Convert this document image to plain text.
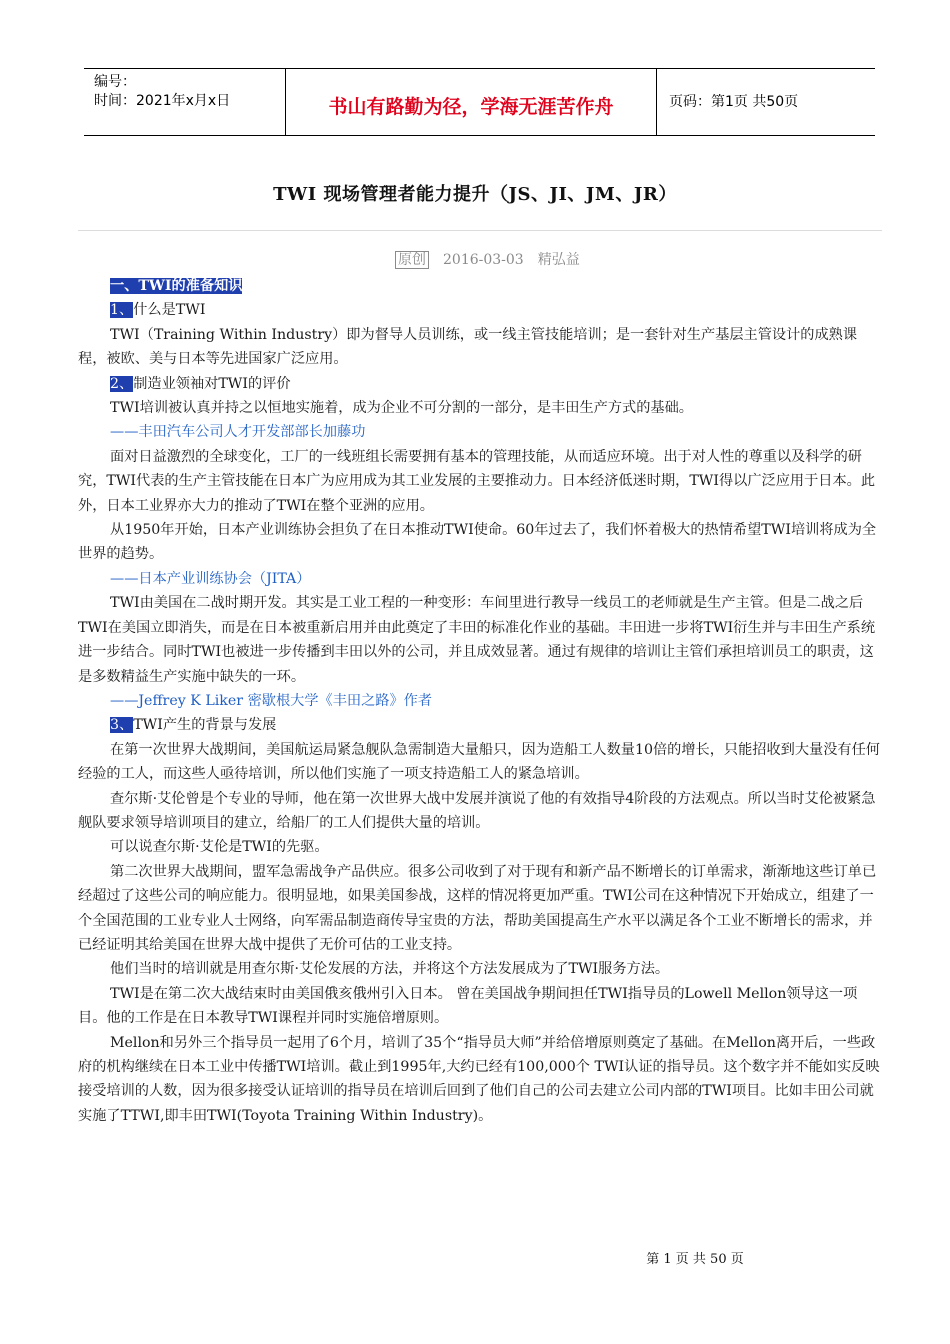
编号：
时间：2021年x月x日	书山有路勤为径，学海无涯苦作舟	页码：第1页 共50页
TWI 现场管理者能力提升（JS、JI、JM、JR）
原创 2016-03-03 精弘益

一、TWI的准备知识

1、什么是TWI

TWI（Training Within Industry）即为督导人员训练，或一线主管技能培训；是一套针对生产基层主管设计的成熟课程，被欧、美与日本等先进国家广泛应用。

2、制造业领袖对TWI的评价

TWI培训被认真并持之以恒地实施着，成为企业不可分割的一部分，是丰田生产方式的基础。

——丰田汽车公司人才开发部部长加藤功

面对日益激烈的全球变化，工厂的一线班组长需要拥有基本的管理技能，从而适应环境。出于对人性的尊重以及科学的研究，TWI代表的生产主管技能在日本广为应用成为其工业发展的主要推动力。日本经济低迷时期，TWI得以广泛应用于日本。此外，日本工业界亦大力的推动了TWI在整个亚洲的应用。

从1950年开始，日本产业训练协会担负了在日本推动TWI使命。60年过去了，我们怀着极大的热情希望TWI培训将成为全世界的趋势。

——日本产业训练协会（JITA）

TWI由美国在二战时期开发。其实是工业工程的一种变形：车间里进行教导一线员工的老师就是生产主管。但是二战之后TWI在美国立即消失，而是在日本被重新启用并由此奠定了丰田的标准化作业的基础。丰田进一步将TWI衍生并与丰田生产系统进一步结合。同时TWI也被进一步传播到丰田以外的公司，并且成效显著。通过有规律的培训让主管们承担培训员工的职责，这是多数精益生产实施中缺失的一环。

——Jeffrey K Liker 密歇根大学《丰田之路》作者

3、TWI产生的背景与发展

在第一次世界大战期间，美国航运局紧急舰队急需制造大量船只，因为造船工人数量10倍的增长，只能招收到大量没有任何经验的工人，而这些人亟待培训，所以他们实施了一项支持造船工人的紧急培训。

查尔斯·艾伦曾是个专业的导师，他在第一次世界大战中发展并演说了他的有效指导4阶段的方法观点。所以当时艾伦被紧急舰队要求领导培训项目的建立，给船厂的工人们提供大量的培训。

可以说查尔斯·艾伦是TWI的先驱。

第二次世界大战期间，盟军急需战争产品供应。很多公司收到了对于现有和新产品不断增长的订单需求，渐渐地这些订单已经超过了这些公司的响应能力。很明显地，如果美国参战，这样的情况将更加严重。TWI公司在这种情况下开始成立，组建了一个全国范围的工业专业人士网络，向军需品制造商传导宝贵的方法，帮助美国提高生产水平以满足各个工业不断增长的需求，并已经证明其给美国在世界大战中提供了无价可估的工业支持。

他们当时的培训就是用查尔斯·艾伦发展的方法，并将这个方法发展成为了TWI服务方法。

TWI是在第二次大战结束时由美国俄亥俄州引入日本。 曾在美国战争期间担任TWI指导员的Lowell Mellon领导这一项目。他的工作是在日本教导TWI课程并同时实施倍增原则。

Mellon和另外三个指导员一起用了6个月，培训了35个“指导员大师”并给倍增原则奠定了基础。在Mellon离开后，一些政府的机构继续在日本工业中传播TWI培训。截止到1995年,大约已经有100,000个 TWI认证的指导员。这个数字并不能如实反映接受培训的人数，因为很多接受认证培训的指导员在培训后回到了他们自己的公司去建立公司内部的TWI项目。比如丰田公司就实施了TTWI,即丰田TWI(Toyota Training Within Industry)。

第 1 页 共 50 页
